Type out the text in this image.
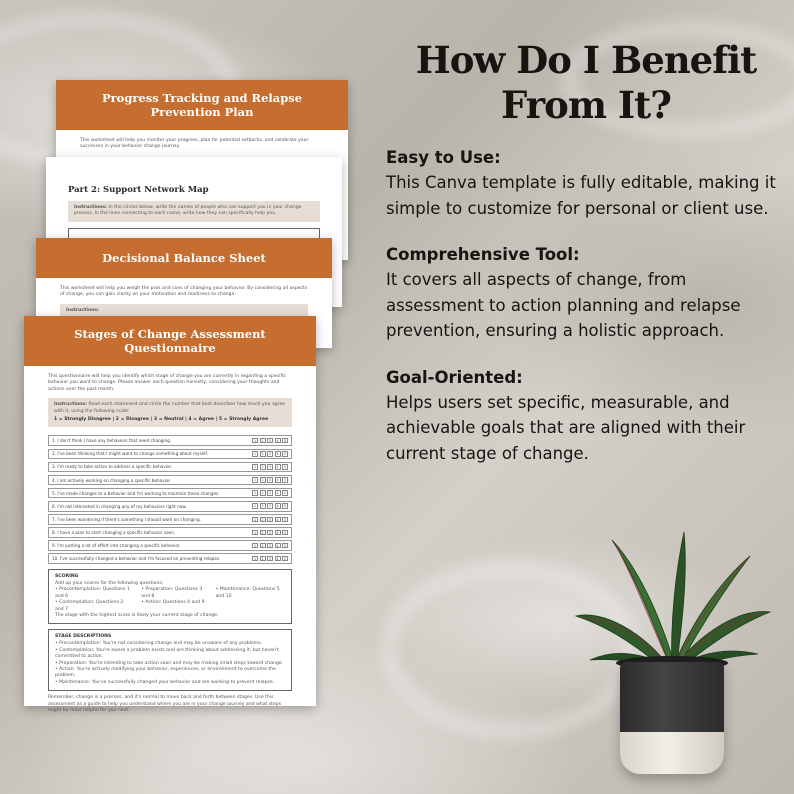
How Do I Benefit From It?
Easy to Use:
This Canva template is fully editable, making it simple to customize for personal or client use.
Comprehensive Tool:
It covers all aspects of change, from assessment to action planning and relapse prevention, ensuring a holistic approach.
Goal-Oriented:
Helps users set specific, measurable, and achievable goals that are aligned with their current stage of change.
Progress Tracking and Relapse Prevention Plan

This worksheet will help you monitor your progress, plan for potential setbacks, and celebrate your successes in your behavior change journey.

Part 2: Support Network Map

Instructions: In the circles below, write the names of people who can support you in your change process. In the lines connecting to each name, write how they can specifically help you.

Decisional Balance Sheet

This worksheet will help you weigh the pros and cons of changing your behavior. By considering all aspects of change, you can gain clarity on your motivation and readiness to change.

Instructions:

Stages of Change Assessment Questionnaire

This questionnaire will help you identify which stage of change you are currently in regarding a specific behavior you want to change. Please answer each question honestly, considering your thoughts and actions over the past month.

Instructions: Read each statement and circle the number that best describes how much you agree with it, using the following scale:

1 = Strongly Disagree | 2 = Disagree | 3 = Neutral | 4 = Agree | 5 = Strongly Agree

1. I don't think I have any behaviors that need changing.	1	2	3	4	5
2. I've been thinking that I might want to change something about myself.	1	2	3	4	5
3. I'm ready to take action to address a specific behavior.	1	2	3	4	5
4. I am actively working on changing a specific behavior.	1	2	3	4	5
5. I've made changes to a behavior and I'm working to maintain those changes.	1	2	3	4	5
6. I'm not interested in changing any of my behaviors right now.	1	2	3	4	5
7. I've been wondering if there's something I should work on changing.	1	2	3	4	5
8. I have a plan to start changing a specific behavior soon.	1	2	3	4	5
9. I'm putting a lot of effort into changing a specific behavior.	1	2	3	4	5
10. I've successfully changed a behavior and I'm focused on preventing relapse.	1	2	3	4	5
SCORING

Add up your scores for the following questions:

• Precontemplation: Questions 1 and 6

• Contemplation: Questions 2 and 7

• Preparation: Questions 3 and 8

• Action: Questions 4 and 9

• Maintenance: Questions 5 and 10

The stage with the highest score is likely your current stage of change.

STAGE DESCRIPTIONS

• Precontemplation: You're not considering change and may be unaware of any problems.

• Contemplation: You're aware a problem exists and are thinking about addressing it, but haven't committed to action.

• Preparation: You're intending to take action soon and may be making small steps toward change.

• Action: You're actively modifying your behavior, experiences, or environment to overcome the problem.

• Maintenance: You've successfully changed your behavior and are working to prevent relapse.

Remember, change is a process, and it's normal to move back and forth between stages. Use this assessment as a guide to help you understand where you are in your change journey and what steps might be most helpful for you next.
